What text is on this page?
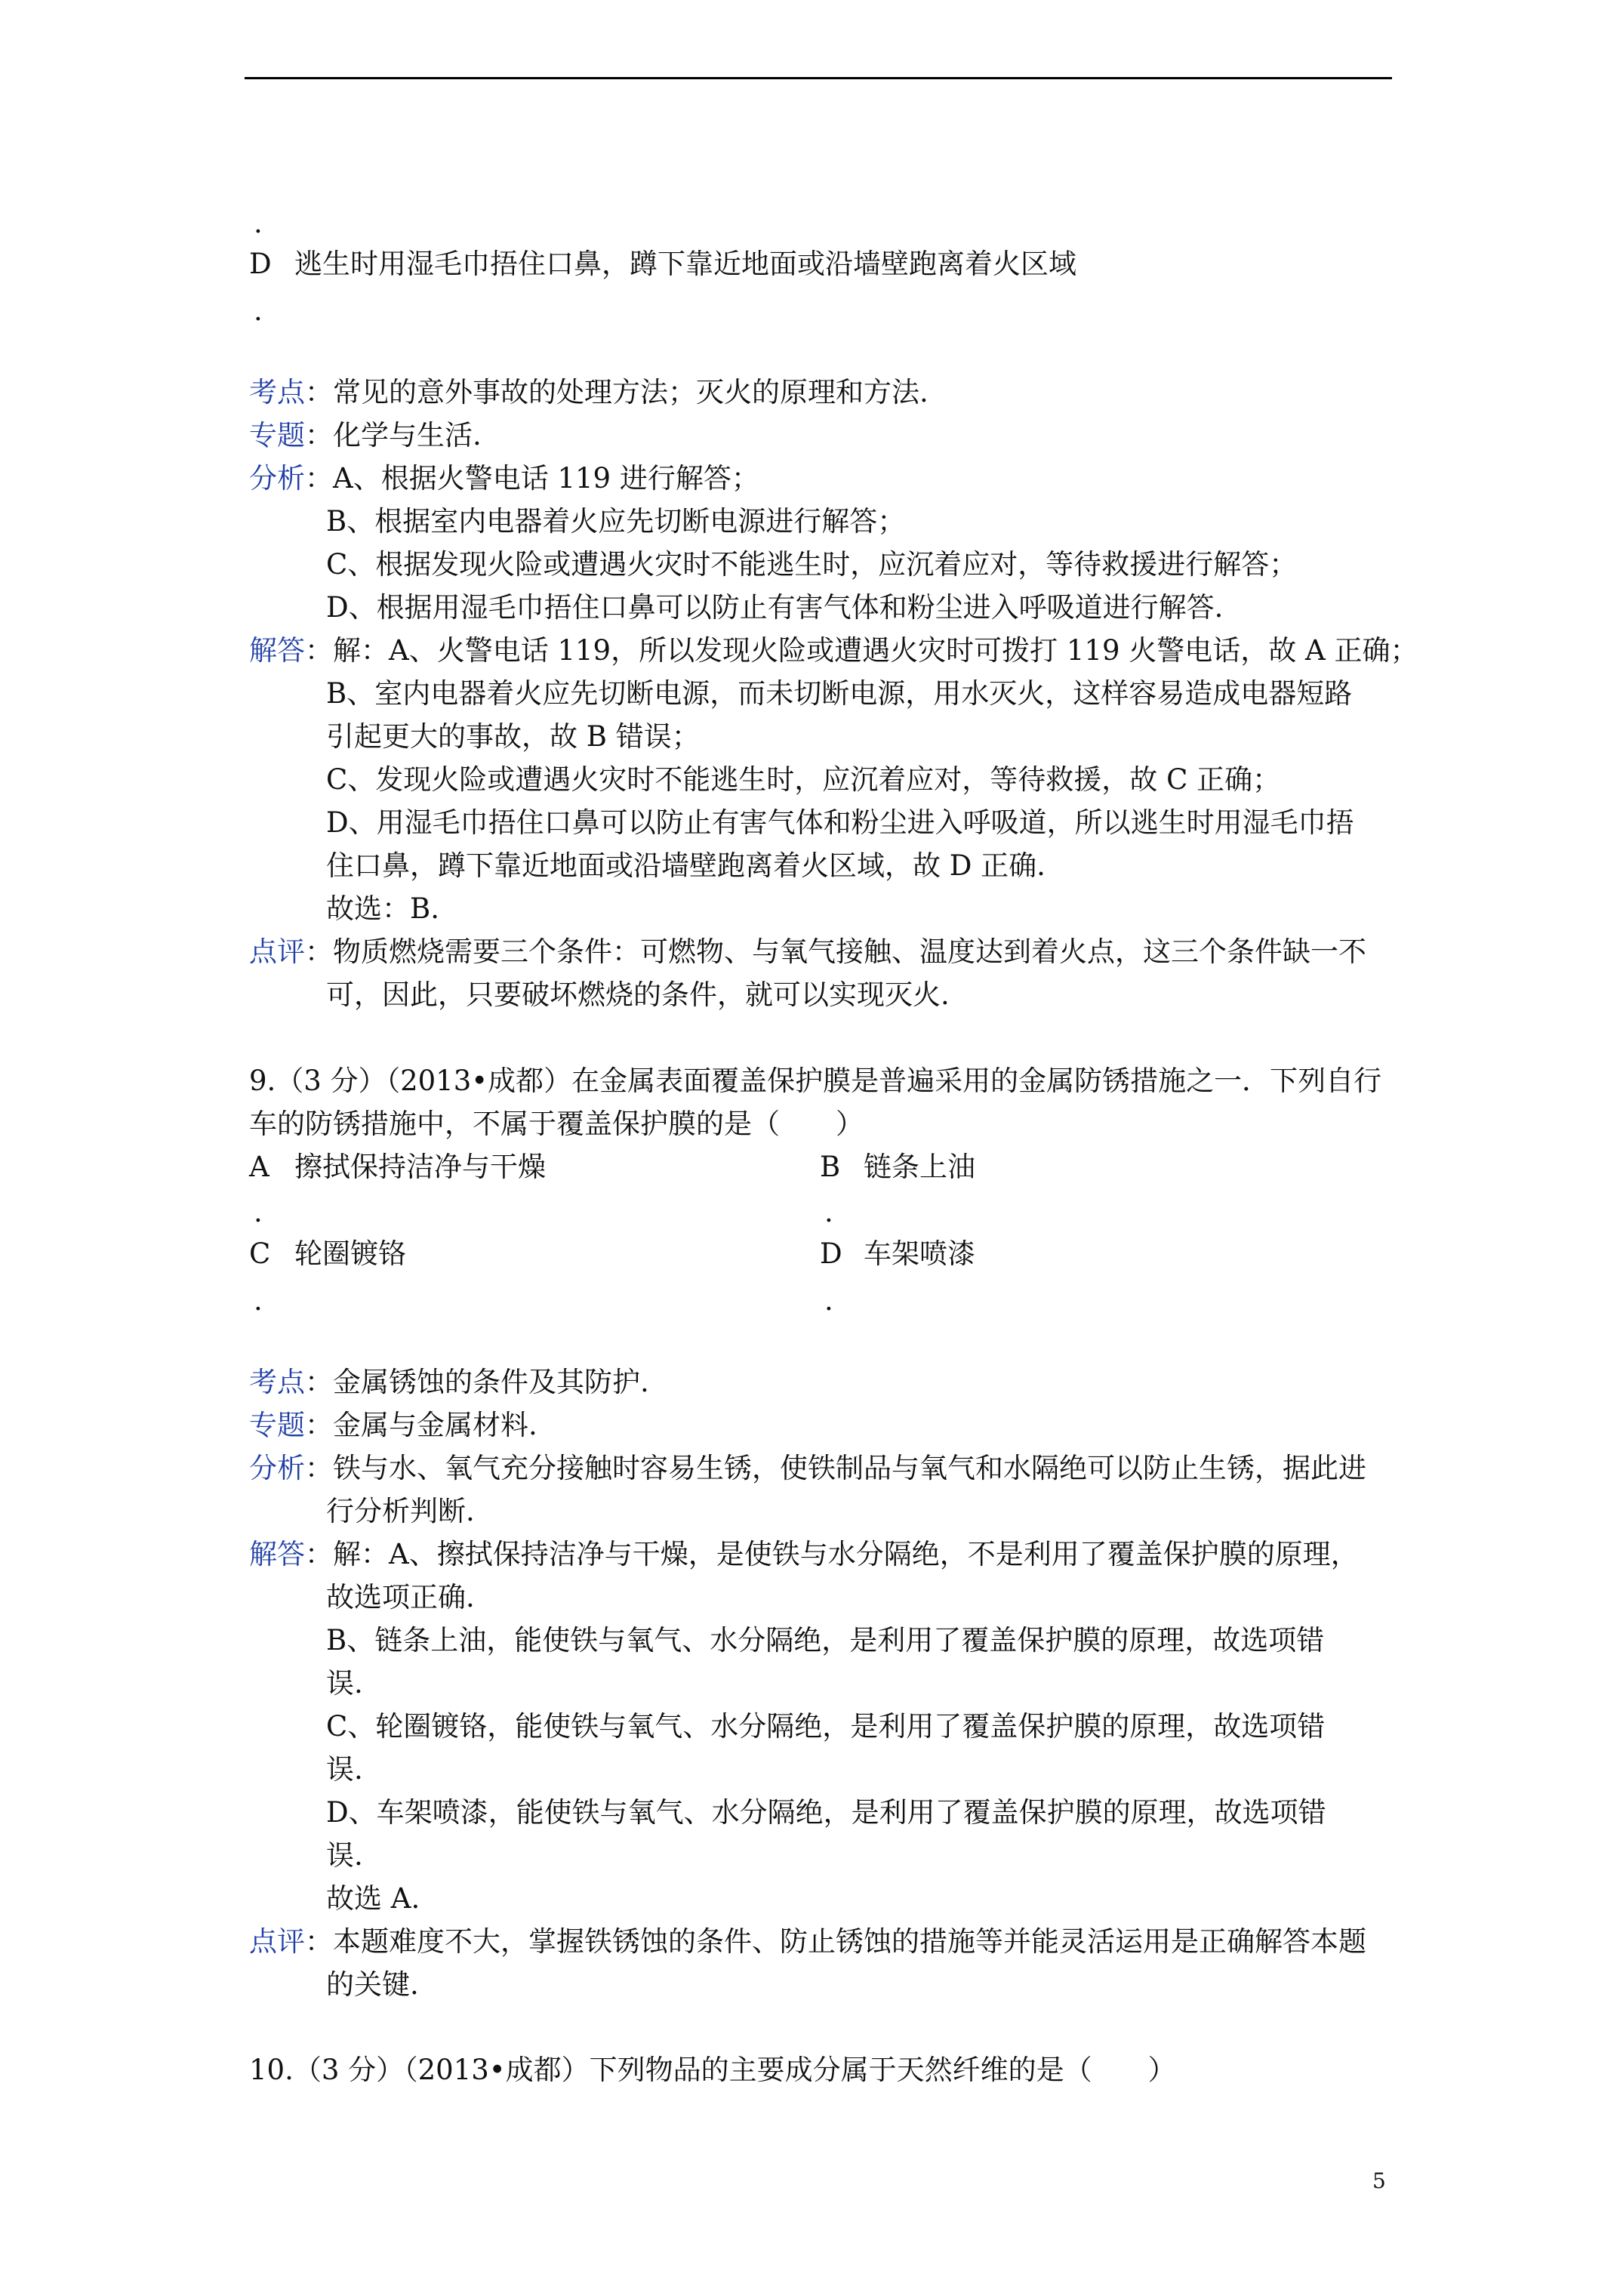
.
D 逃生时用湿毛巾捂住口鼻，蹲下靠近地面或沿墙壁跑离着火区域
.
考点：常见的意外事故的处理方法；灭火的原理和方法.
专题：化学与生活.
分析：A、根据火警电话 119 进行解答；
B、根据室内电器着火应先切断电源进行解答；
C、根据发现火险或遭遇火灾时不能逃生时，应沉着应对，等待救援进行解答；
D、根据用湿毛巾捂住口鼻可以防止有害气体和粉尘进入呼吸道进行解答.
解答：解：A、火警电话 119，所以发现火险或遭遇火灾时可拨打 119 火警电话，故 A 正确；
B、室内电器着火应先切断电源，而未切断电源，用水灭火，这样容易造成电器短路
引起更大的事故，故 B 错误；
C、发现火险或遭遇火灾时不能逃生时，应沉着应对，等待救援，故 C 正确；
D、用湿毛巾捂住口鼻可以防止有害气体和粉尘进入呼吸道，所以逃生时用湿毛巾捂
住口鼻，蹲下靠近地面或沿墙壁跑离着火区域，故 D 正确.
故选：B.
点评：物质燃烧需要三个条件：可燃物、与氧气接触、温度达到着火点，这三个条件缺一不
可，因此，只要破坏燃烧的条件，就可以实现灭火.
9.（3 分）（2013•成都）在金属表面覆盖保护膜是普遍采用的金属防锈措施之一．下列自行
车的防锈措施中，不属于覆盖保护膜的是（　　）
A 擦拭保持洁净与干燥	B 链条上油
.	.
C 轮圈镀铬	D 车架喷漆
.	.
考点：金属锈蚀的条件及其防护.
专题：金属与金属材料.
分析：铁与水、氧气充分接触时容易生锈，使铁制品与氧气和水隔绝可以防止生锈，据此进
行分析判断.
解答：解：A、擦拭保持洁净与干燥，是使铁与水分隔绝，不是利用了覆盖保护膜的原理，
故选项正确.
B、链条上油，能使铁与氧气、水分隔绝，是利用了覆盖保护膜的原理，故选项错
误.
C、轮圈镀铬，能使铁与氧气、水分隔绝，是利用了覆盖保护膜的原理，故选项错
误.
D、车架喷漆，能使铁与氧气、水分隔绝，是利用了覆盖保护膜的原理，故选项错
误.
故选 A.
点评：本题难度不大，掌握铁锈蚀的条件、防止锈蚀的措施等并能灵活运用是正确解答本题
的关键.
10.（3 分）（2013•成都）下列物品的主要成分属于天然纤维的是（　　）
5
